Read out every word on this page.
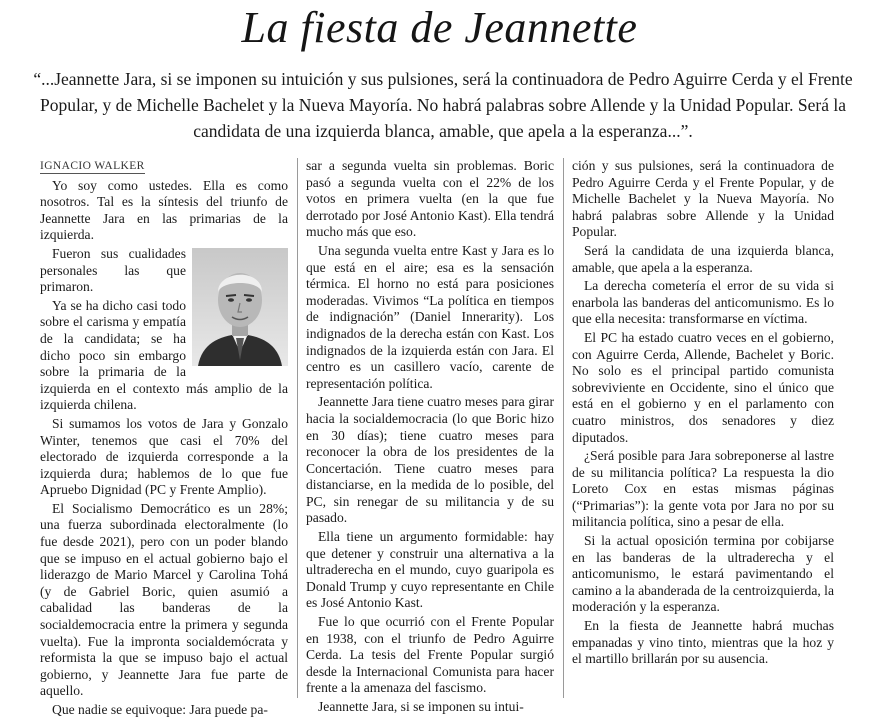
La fiesta de Jeannette
“...Jeannette Jara, si se imponen su intuición y sus pulsiones, será la continuadora de Pedro Aguirre Cerda y el Frente Popular, y de Michelle Bachelet y la Nueva Mayoría. No habrá palabras sobre Allende y la Unidad Popular. Será la candidata de una izquierda blanca, amable, que apela a la esperanza...”.
IGNACIO WALKER

Yo soy como ustedes. Ella es como nosotros. Tal es la síntesis del triunfo de Jeannette Jara en las primarias de la izquierda.

Fueron sus cualidades personales las que primaron.

Ya se ha dicho casi todo sobre el carisma y empatía de la candidata; se ha dicho poco sin embargo sobre la primaria de la izquierda en el contexto más amplio de la izquierda chilena.

Si sumamos los votos de Jara y Gonzalo Winter, tenemos que casi el 70% del electorado de izquierda corresponde a la izquierda dura; hablemos de lo que fue Apruebo Dignidad (PC y Frente Amplio).

El Socialismo Democrático es un 28%; una fuerza subordinada electoralmente (lo fue desde 2021), pero con un poder blando que se impuso en el actual gobierno bajo el liderazgo de Mario Marcel y Carolina Tohá (y de Gabriel Boric, quien asumió a cabalidad las banderas de la socialdemocracia entre la primera y segunda vuelta). Fue la impronta socialdemócrata y reformista la que se impuso bajo el actual gobierno, y Jeannette Jara fue parte de aquello.

Que nadie se equivoque: Jara puede pa-

sar a segunda vuelta sin problemas. Boric pasó a segunda vuelta con el 22% de los votos en primera vuelta (en la que fue derrotado por José Antonio Kast). Ella tendrá mucho más que eso.

Una segunda vuelta entre Kast y Jara es lo que está en el aire; esa es la sensación térmica. El horno no está para posiciones moderadas. Vivimos “La política en tiempos de indignación” (Daniel Innerarity). Los indignados de la derecha están con Kast. Los indignados de la izquierda están con Jara. El centro es un casillero vacío, carente de representación política.

Jeannette Jara tiene cuatro meses para girar hacia la socialdemocracia (lo que Boric hizo en 30 días); tiene cuatro meses para reconocer la obra de los presidentes de la Concertación. Tiene cuatro meses para distanciarse, en la medida de lo posible, del PC, sin renegar de su militancia y de su pasado.

Ella tiene un argumento formidable: hay que detener y construir una alternativa a la ultraderecha en el mundo, cuyo guaripola es Donald Trump y cuyo representante en Chile es José Antonio Kast.

Fue lo que ocurrió con el Frente Popular en 1938, con el triunfo de Pedro Aguirre Cerda. La tesis del Frente Popular surgió desde la Internacional Comunista para hacer frente a la amenaza del fascismo.

Jeannette Jara, si se imponen su intui-

ción y sus pulsiones, será la continuadora de Pedro Aguirre Cerda y el Frente Popular, y de Michelle Bachelet y la Nueva Mayoría. No habrá palabras sobre Allende y la Unidad Popular.

Será la candidata de una izquierda blanca, amable, que apela a la esperanza.

La derecha cometería el error de su vida si enarbola las banderas del anticomunismo. Es lo que ella necesita: transformarse en víctima.

El PC ha estado cuatro veces en el gobierno, con Aguirre Cerda, Allende, Bachelet y Boric. No solo es el principal partido comunista sobreviviente en Occidente, sino el único que está en el gobierno y en el parlamento con cuatro ministros, dos senadores y diez diputados.

¿Será posible para Jara sobreponerse al lastre de su militancia política? La respuesta la dio Loreto Cox en estas mismas páginas (“Primarias”): la gente vota por Jara no por su militancia política, sino a pesar de ella.

Si la actual oposición termina por cobijarse en las banderas de la ultraderecha y el anticomunismo, le estará pavimentando el camino a la abanderada de la centroizquierda, la moderación y la esperanza.

En la fiesta de Jeannette habrá muchas empanadas y vino tinto, mientras que la hoz y el martillo brillarán por su ausencia.
